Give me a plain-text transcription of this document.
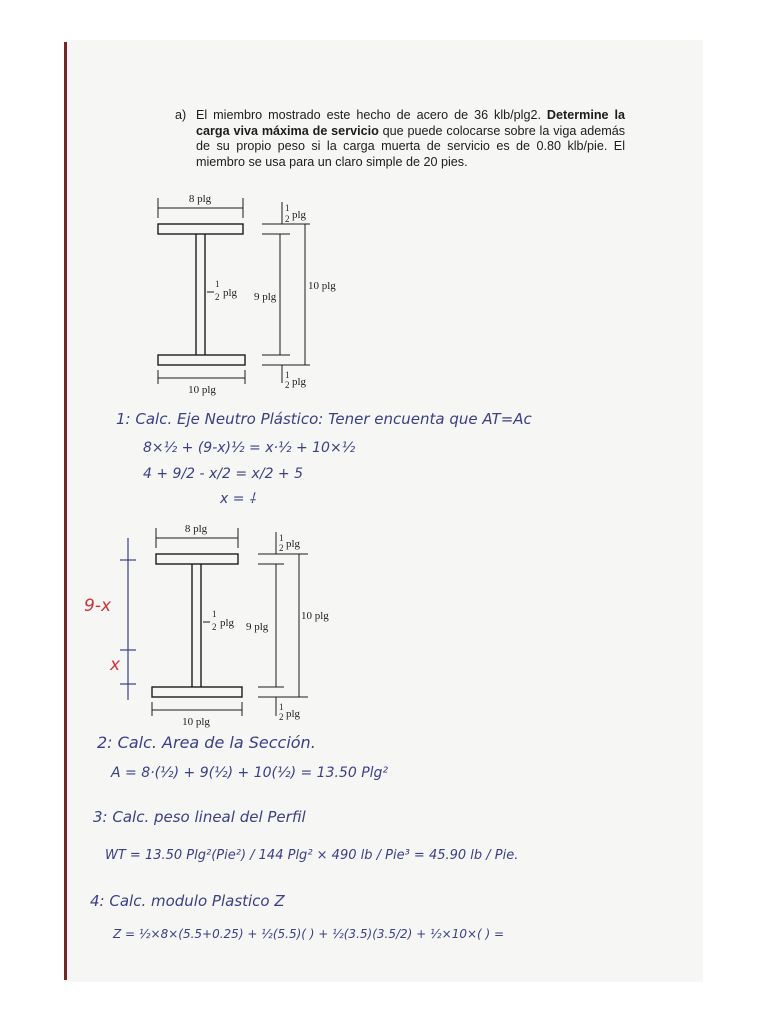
a) El miembro mostrado este hecho de acero de 36 klb/plg2. Determine la carga viva máxima de servicio que puede colocarse sobre la viga además de su propio peso si la carga muerta de servicio es de 0.80 klb/pie. El miembro se usa para un claro simple de 20 pies.
8 plg
10 plg
1
2 plg 9 plg
10 plg
1
2 plg
1
2 plg
1: Calc. Eje Neutro Plástico: Tener encuenta que AT=Ac
8×½ + (9-x)½ = x·½ + 10×½
4 + 9/2 - x/2 = x/2 + 5
x = ⸸
8 plg
10 plg
1
2 plg 9 plg
10 plg
1
2 plg
1
2 plg
9-x
x
2: Calc. Area de la Sección.
A = 8·(½) + 9(½) + 10(½) = 13.50 Plg²
3: Calc. peso lineal del Perfil
WT = 13.50 Plg²(Pie²) / 144 Plg² × 490 lb / Pie³ = 45.90 lb / Pie.
4: Calc. modulo Plastico Z
Z = ½×8×(5.5+0.25) + ½(5.5)( ) + ½(3.5)(3.5/2) + ½×10×( ) =
